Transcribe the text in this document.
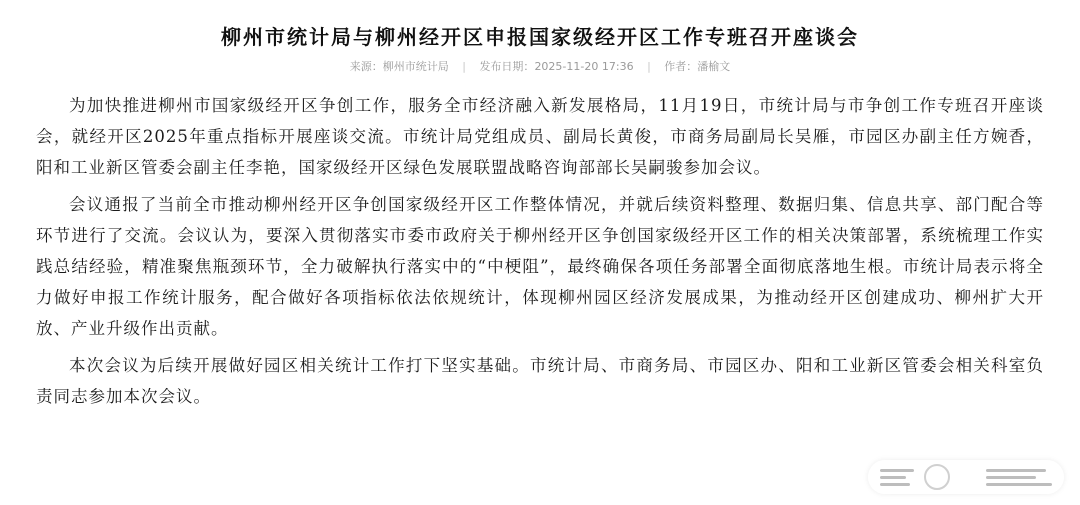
柳州市统计局与柳州经开区申报国家级经开区工作专班召开座谈会
来源：柳州市统计局 | 发布日期：2025-11-20 17:36 | 作者：潘榆文

为加快推进柳州市国家级经开区争创工作，服务全市经济融入新发展格局，11月19日，市统计局与市争创工作专班召开座谈会，就经开区2025年重点指标开展座谈交流。市统计局党组成员、副局长黄俊，市商务局副局长吴雁，市园区办副主任方婉香，阳和工业新区管委会副主任李艳，国家级经开区绿色发展联盟战略咨询部部长吴嗣骏参加会议。

会议通报了当前全市推动柳州经开区争创国家级经开区工作整体情况，并就后续资料整理、数据归集、信息共享、部门配合等环节进行了交流。会议认为，要深入贯彻落实市委市政府关于柳州经开区争创国家级经开区工作的相关决策部署，系统梳理工作实践总结经验，精准聚焦瓶颈环节，全力破解执行落实中的“中梗阻”，最终确保各项任务部署全面彻底落地生根。市统计局表示将全力做好申报工作统计服务，配合做好各项指标依法依规统计，体现柳州园区经济发展成果，为推动经开区创建成功、柳州扩大开放、产业升级作出贡献。

本次会议为后续开展做好园区相关统计工作打下坚实基础。市统计局、市商务局、市园区办、阳和工业新区管委会相关科室负责同志参加本次会议。
